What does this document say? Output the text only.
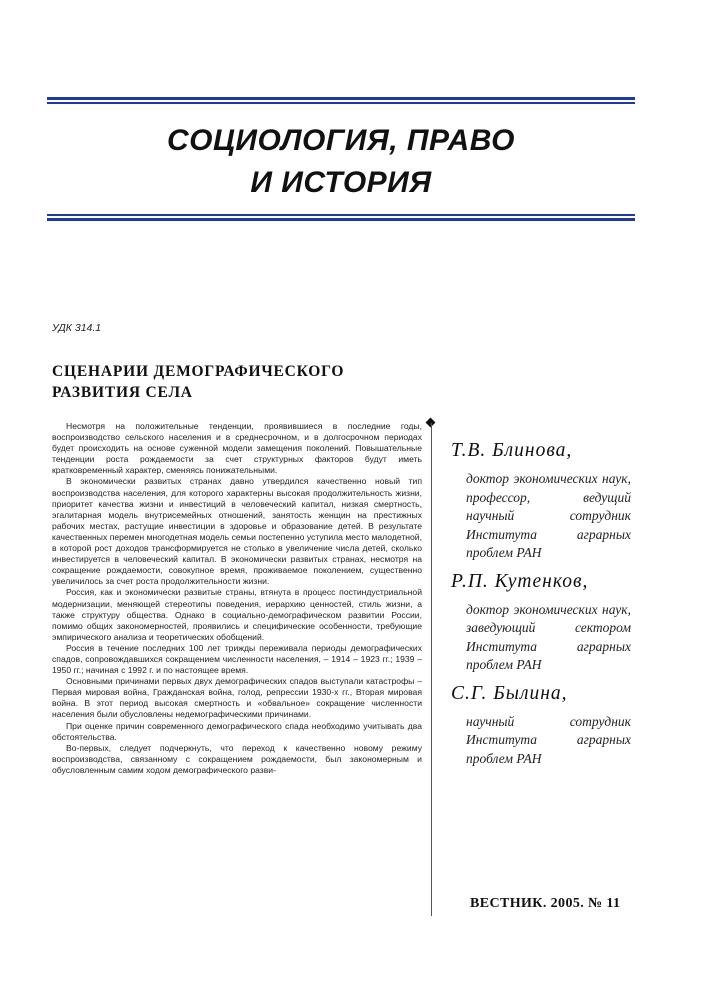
СОЦИОЛОГИЯ, ПРАВО
И ИСТОРИЯ
УДК 314.1
СЦЕНАРИИ ДЕМОГРАФИЧЕСКОГО
РАЗВИТИЯ СЕЛА

Несмотря на положительные тенденции, проявившиеся в последние годы, воспроизводство сельского населения и в среднесрочном, и в долгосрочном периодах будет происходить на основе суженной модели замещения поколений. Повышательные тенденции роста рождаемости за счет структурных факторов будут иметь кратковременный характер, сменяясь понижательными.

В экономически развитых странах давно утвердился качественно новый тип воспроизводства населения, для которого характерны высокая продолжительность жизни, приоритет качества жизни и инвестиций в человеческий капитал, низкая смертность, эгалитарная модель внутрисемейных отношений, занятость женщин на престижных рабочих местах, растущие инвестиции в здоровье и образование детей. В результате качественных перемен многодетная модель семьи постепенно уступила место малодетной, в которой рост доходов трансформируется не столько в увеличение числа детей, сколько инвестируется в человеческий капитал. В экономически развитых странах, несмотря на сокращение рождаемости, совокупное время, проживаемое поколением, существенно увеличилось за счет роста продолжительности жизни.

Россия, как и экономически развитые страны, втянута в процесс постиндустриальной модернизации, меняющей стереотипы поведения, иерархию ценностей, стиль жизни, а также структуру общества. Однако в социально-демографическом развитии России, помимо общих закономерностей, проявились и специфические особенности, требующие эмпирического анализа и теоретических обобщений.

Россия в течение последних 100 лет трижды переживала периоды демографических спадов, сопровождавшихся сокращением численности населения, – 1914 – 1923 гг.; 1939 – 1950 гг.; начиная с 1992 г. и по настоящее время.

Основными причинами первых двух демографических спадов выступали катастрофы – Первая мировая война, Гражданская война, голод, репрессии 1930-х гг., Вторая мировая война. В этот период высокая смертность и «обвальное» сокращение численности населения были обусловлены недемографическими причинами.

При оценке причин современного демографического спада необходимо учитывать два обстоятельства.

Во-первых, следует подчеркнуть, что переход к качественно новому режиму воспроизводства, связанному с сокращением рождаемости, был закономерным и обусловленным самим ходом демографического разви-

Т.В. Блинова,
доктор экономических наук, профессор, ведущий научный сотрудник Института аграрных проблем РАН
Р.П. Кутенков,
доктор экономических наук, заведующий сектором Института аграрных проблем РАН
С.Г. Былина,
научный сотрудник Института аграрных проблем РАН
ВЕСТНИК. 2005. № 11
